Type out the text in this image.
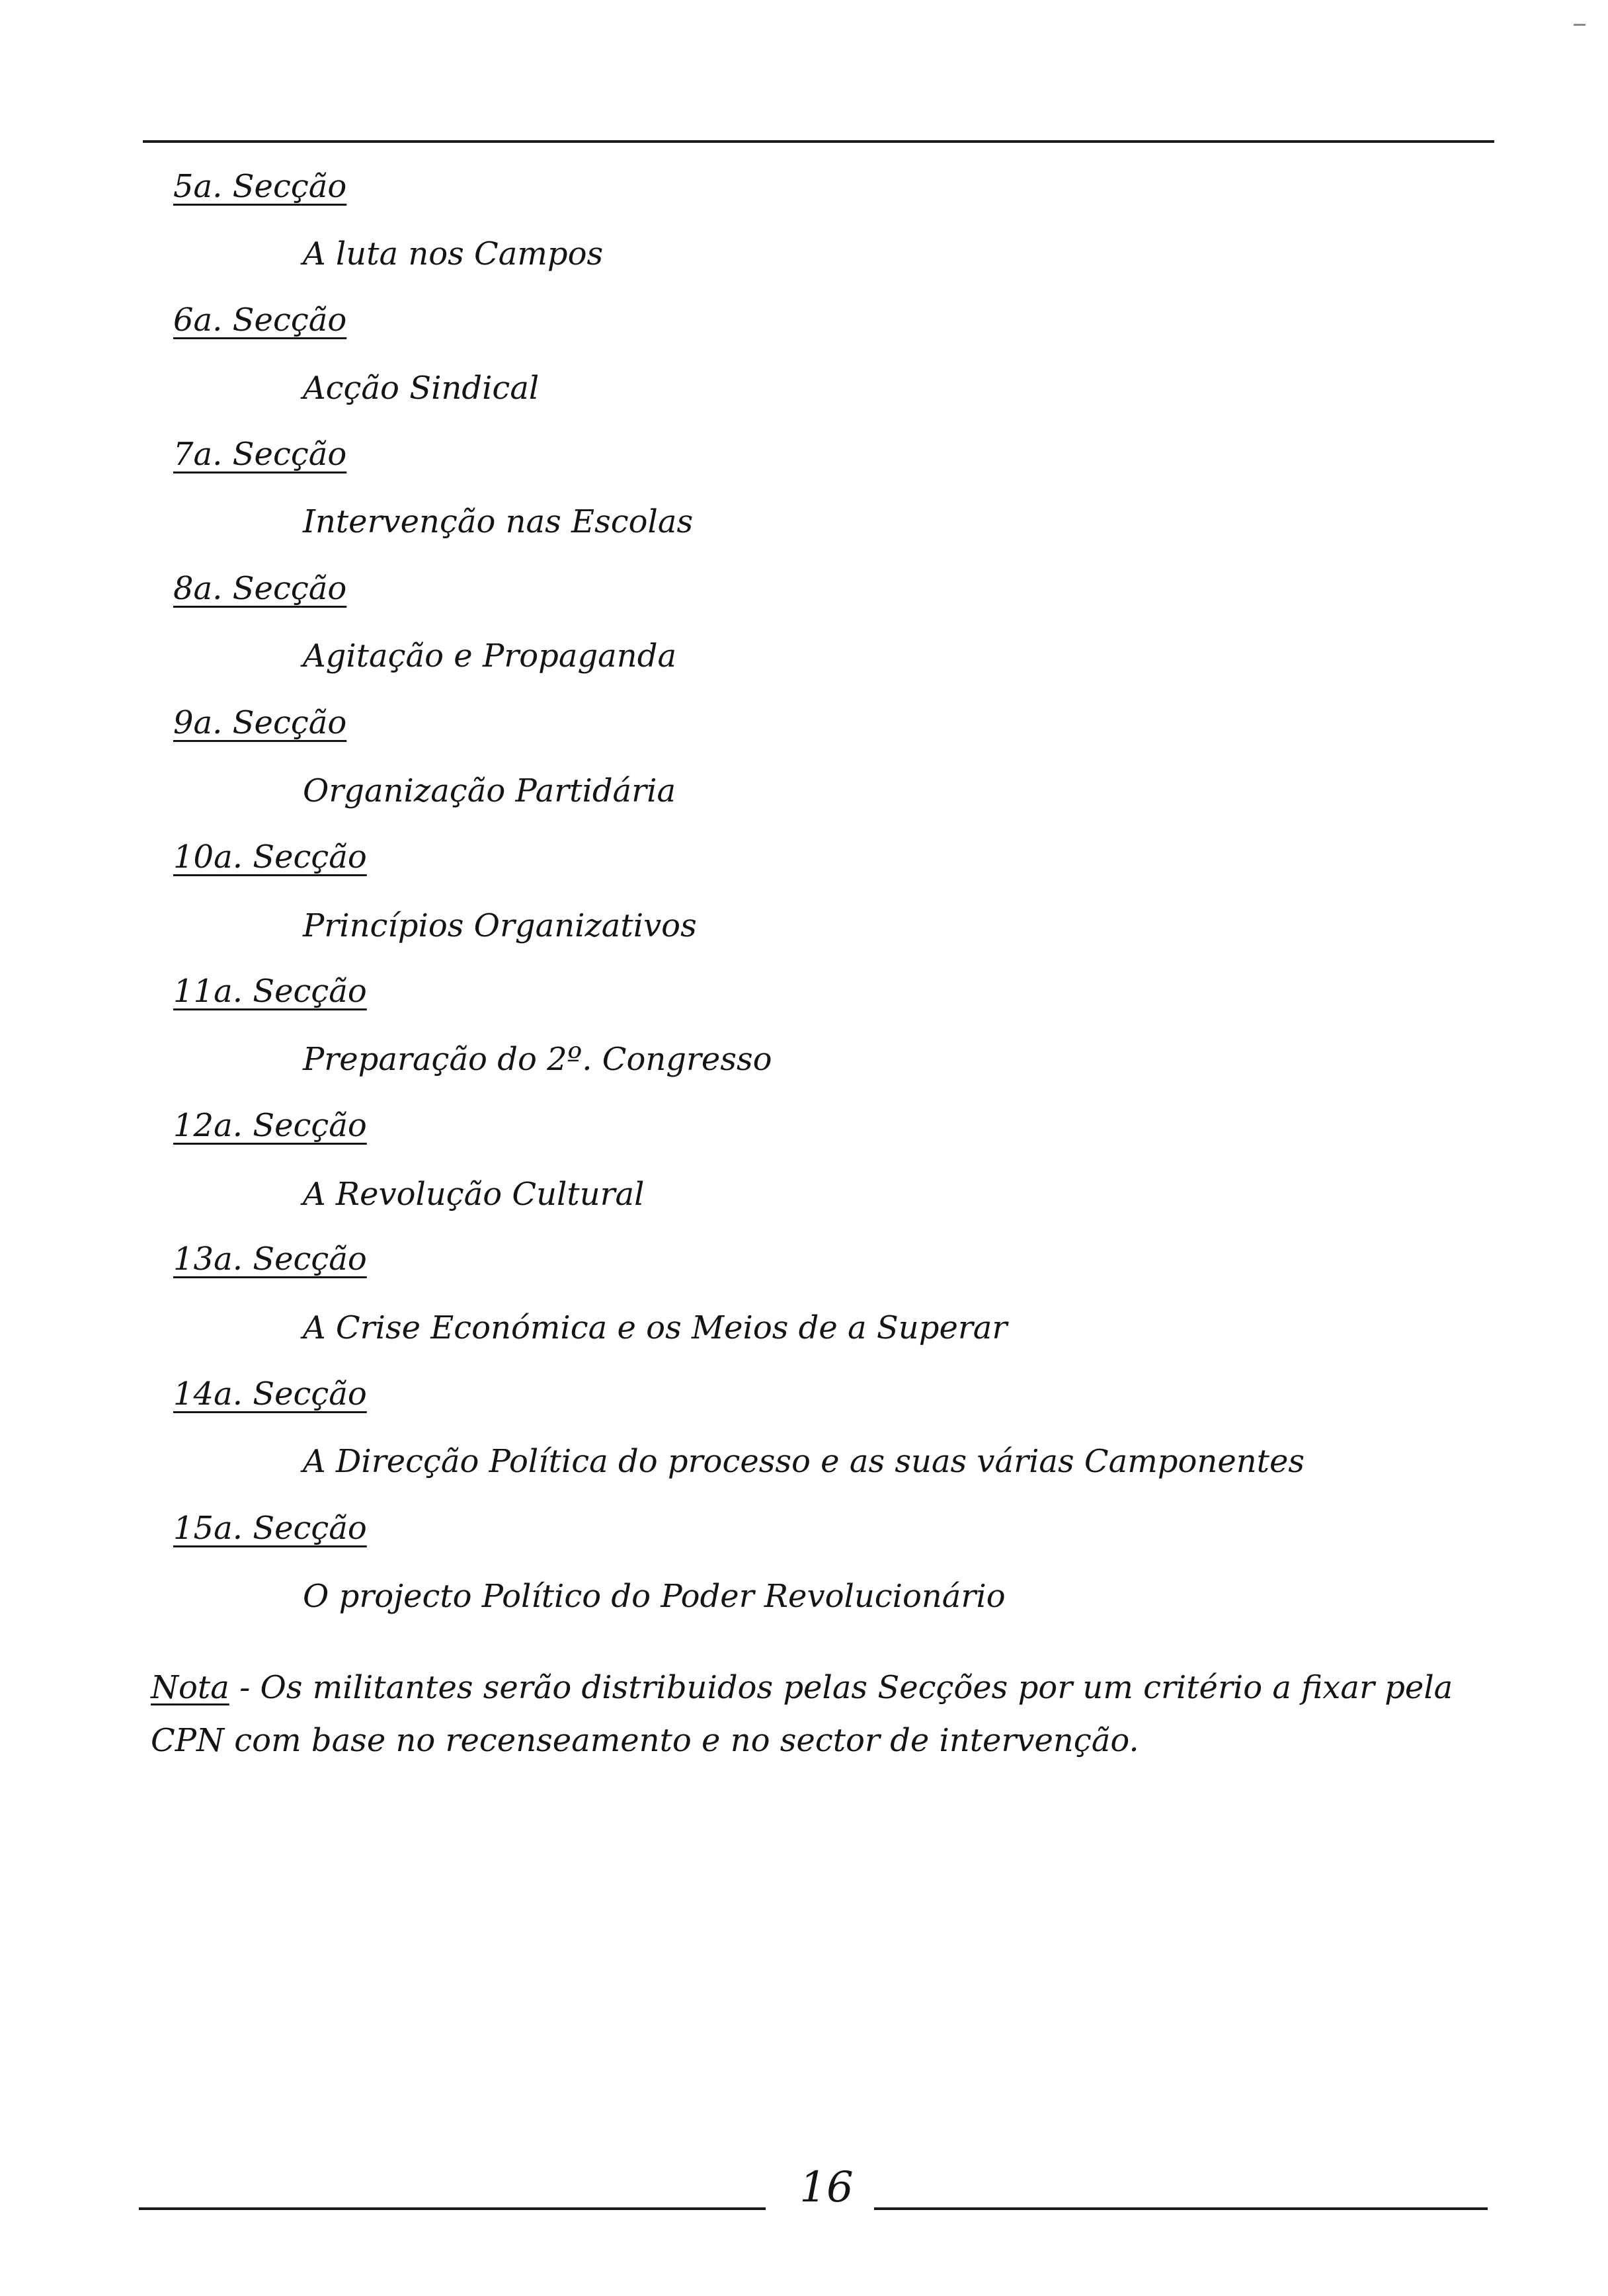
5a. Secção
A luta nos Campos
6a. Secção
Acção Sindical
7a. Secção
Intervenção nas Escolas
8a. Secção
Agitação e Propaganda
9a. Secção
Organização Partidária
10a. Secção
Princípios Organizativos
11a. Secção
Preparação do 2º. Congresso
12a. Secção
A Revolução Cultural
13a. Secção
A Crise Económica e os Meios de a Superar
14a. Secção
A Direcção Política do processo e as suas várias Camponentes
15a. Secção
O projecto Político do Poder Revolucionário
Nota - Os militantes serão distribuidos pelas Secções por um critério a fixar pela CPN com base no recenseamento e no sector de intervenção.
16
